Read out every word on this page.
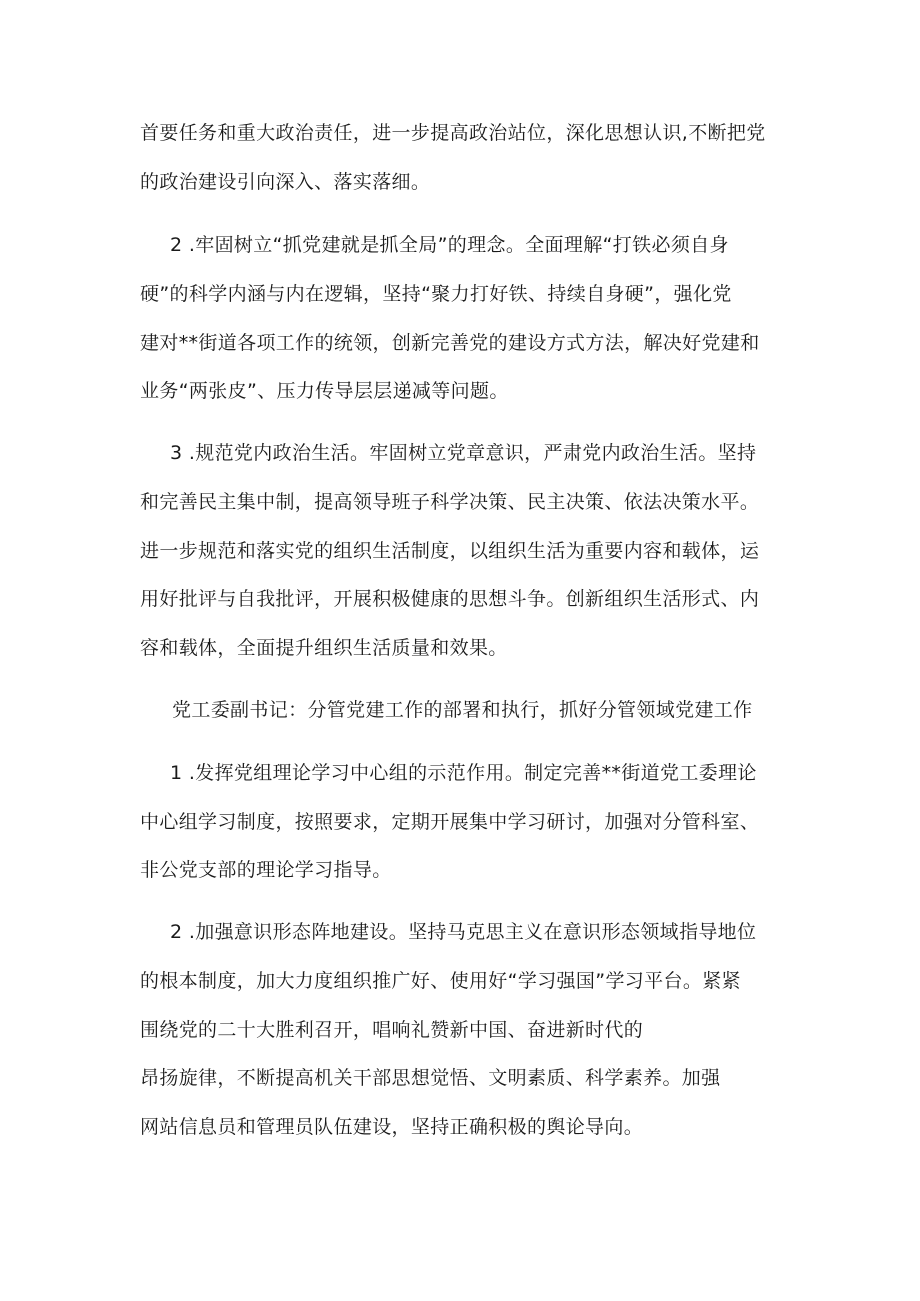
首要任务和重大政治责任，进一步提高政治站位，深化思想认识,不断把党
的政治建设引向深入、落实落细。
2 .牢固树立“抓党建就是抓全局”的理念。全面理解“打铁必须自身
硬”的科学内涵与内在逻辑，坚持“聚力打好铁、持续自身硬”，强化党
建对**街道各项工作的统领，创新完善党的建设方式方法，解决好党建和
业务“两张皮”、压力传导层层递减等问题。
3 .规范党内政治生活。牢固树立党章意识，严肃党内政治生活。坚持
和完善民主集中制，提高领导班子科学决策、民主决策、依法决策水平。
进一步规范和落实党的组织生活制度，以组织生活为重要内容和载体，运
用好批评与自我批评，开展积极健康的思想斗争。创新组织生活形式、内
容和载体，全面提升组织生活质量和效果。
党工委副书记：分管党建工作的部署和执行，抓好分管领域党建工作
1 .发挥党组理论学习中心组的示范作用。制定完善**街道党工委理论
中心组学习制度，按照要求，定期开展集中学习研讨，加强对分管科室、
非公党支部的理论学习指导。
2 .加强意识形态阵地建设。坚持马克思主义在意识形态领域指导地位
的根本制度，加大力度组织推广好、使用好“学习强国”学习平台。紧紧
围绕党的二十大胜利召开，唱响礼赞新中国、奋进新时代的
昂扬旋律，不断提高机关干部思想觉悟、文明素质、科学素养。加强
网站信息员和管理员队伍建设，坚持正确积极的舆论导向。
